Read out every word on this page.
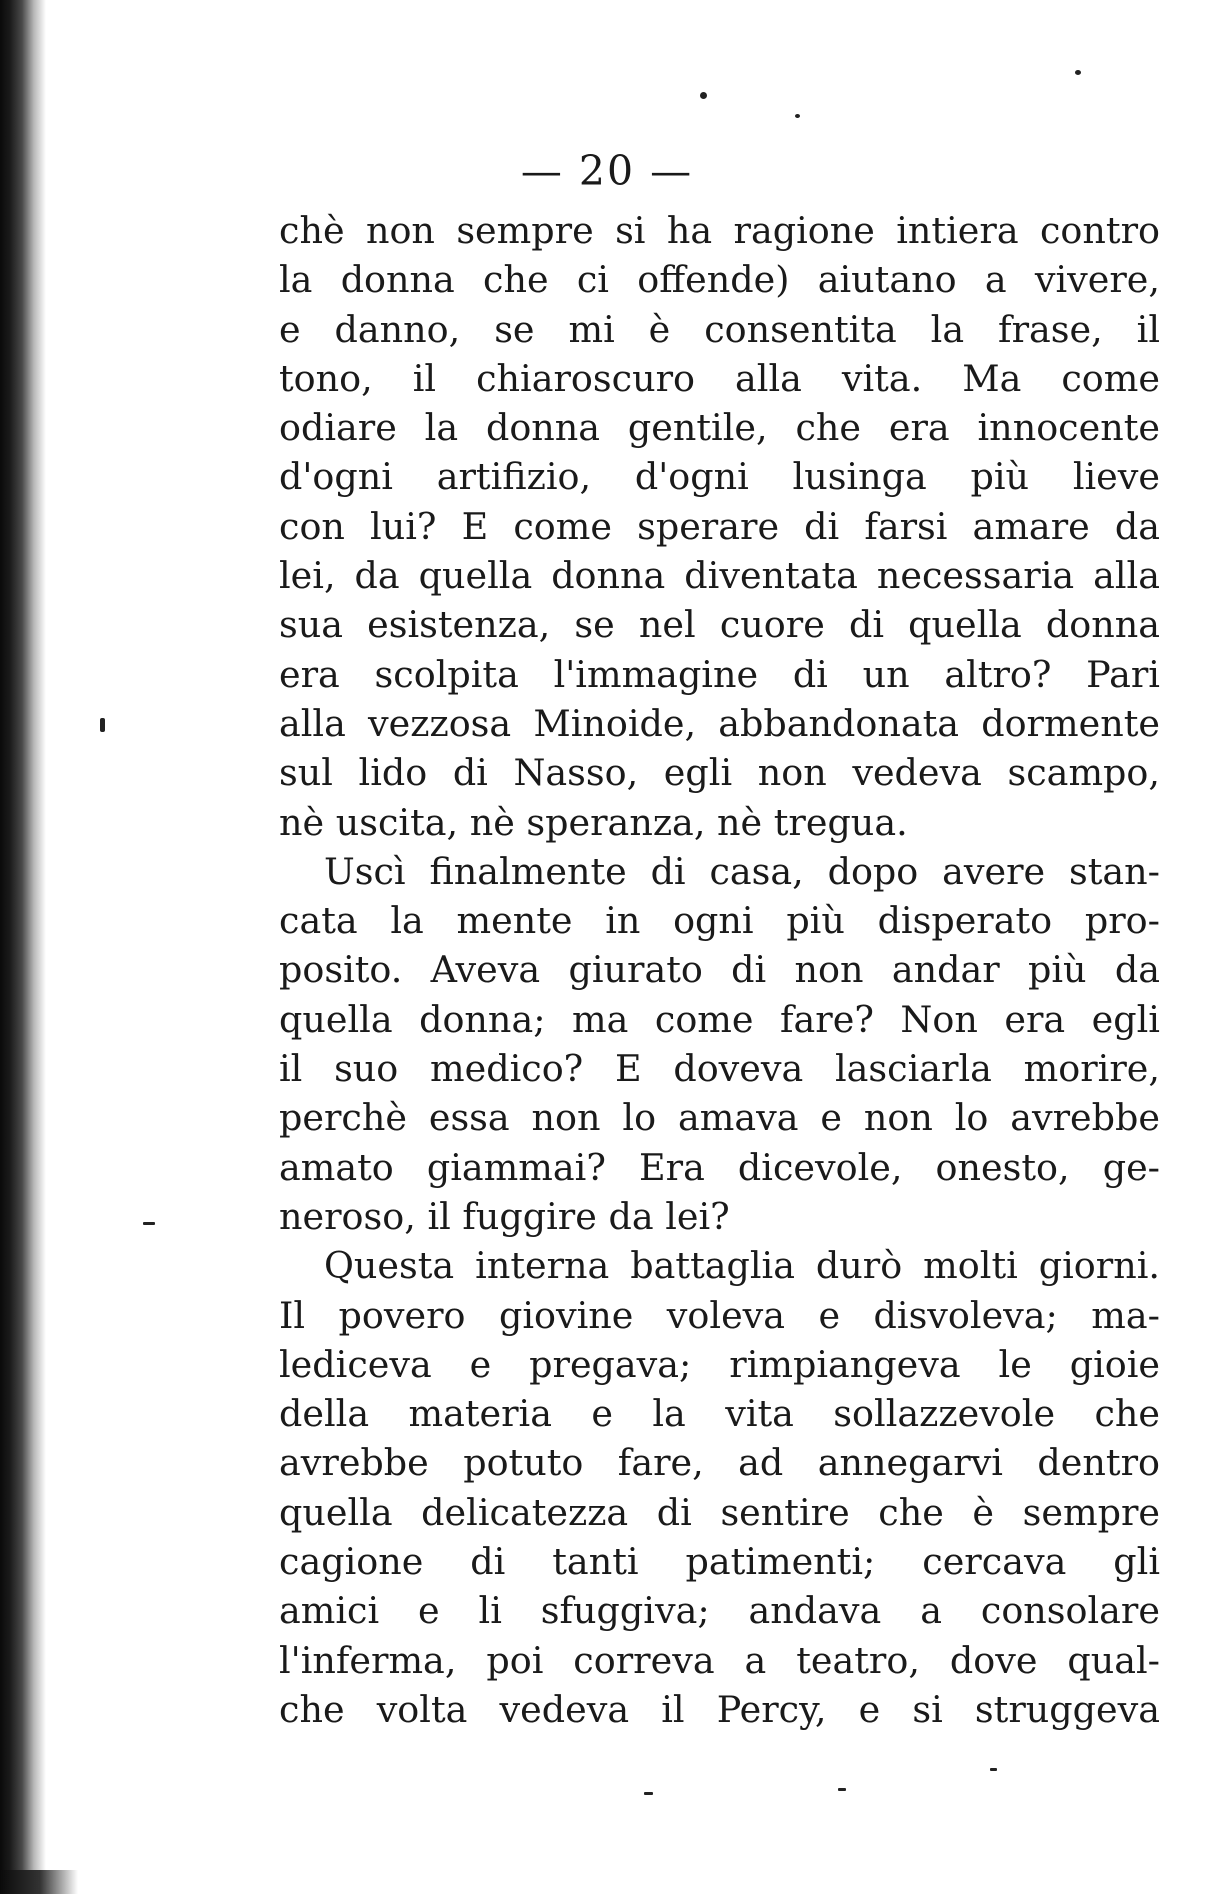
— 20 —
chè non sempre si ha ragione intiera contro
la donna che ci offende) aiutano a vivere,
e danno, se mi è consentita la frase, il
tono, il chiaroscuro alla vita. Ma come
odiare la donna gentile, che era innocente
d'ogni artifizio, d'ogni lusinga più lieve
con lui? E come sperare di farsi amare da
lei, da quella donna diventata necessaria alla
sua esistenza, se nel cuore di quella donna
era scolpita l'immagine di un altro? Pari
alla vezzosa Minoide, abbandonata dormente
sul lido di Nasso, egli non vedeva scampo,
nè uscita, nè speranza, nè tregua.
Uscì finalmente di casa, dopo avere stan-
cata la mente in ogni più disperato pro-
posito. Aveva giurato di non andar più da
quella donna; ma come fare? Non era egli
il suo medico? E doveva lasciarla morire,
perchè essa non lo amava e non lo avrebbe
amato giammai? Era dicevole, onesto, ge-
neroso, il fuggire da lei?
Questa interna battaglia durò molti giorni.
Il povero giovine voleva e disvoleva; ma-
lediceva e pregava; rimpiangeva le gioie
della materia e la vita sollazzevole che
avrebbe potuto fare, ad annegarvi dentro
quella delicatezza di sentire che è sempre
cagione di tanti patimenti; cercava gli
amici e li sfuggiva; andava a consolare
l'inferma, poi correva a teatro, dove qual-
che volta vedeva il Percy, e si struggeva
